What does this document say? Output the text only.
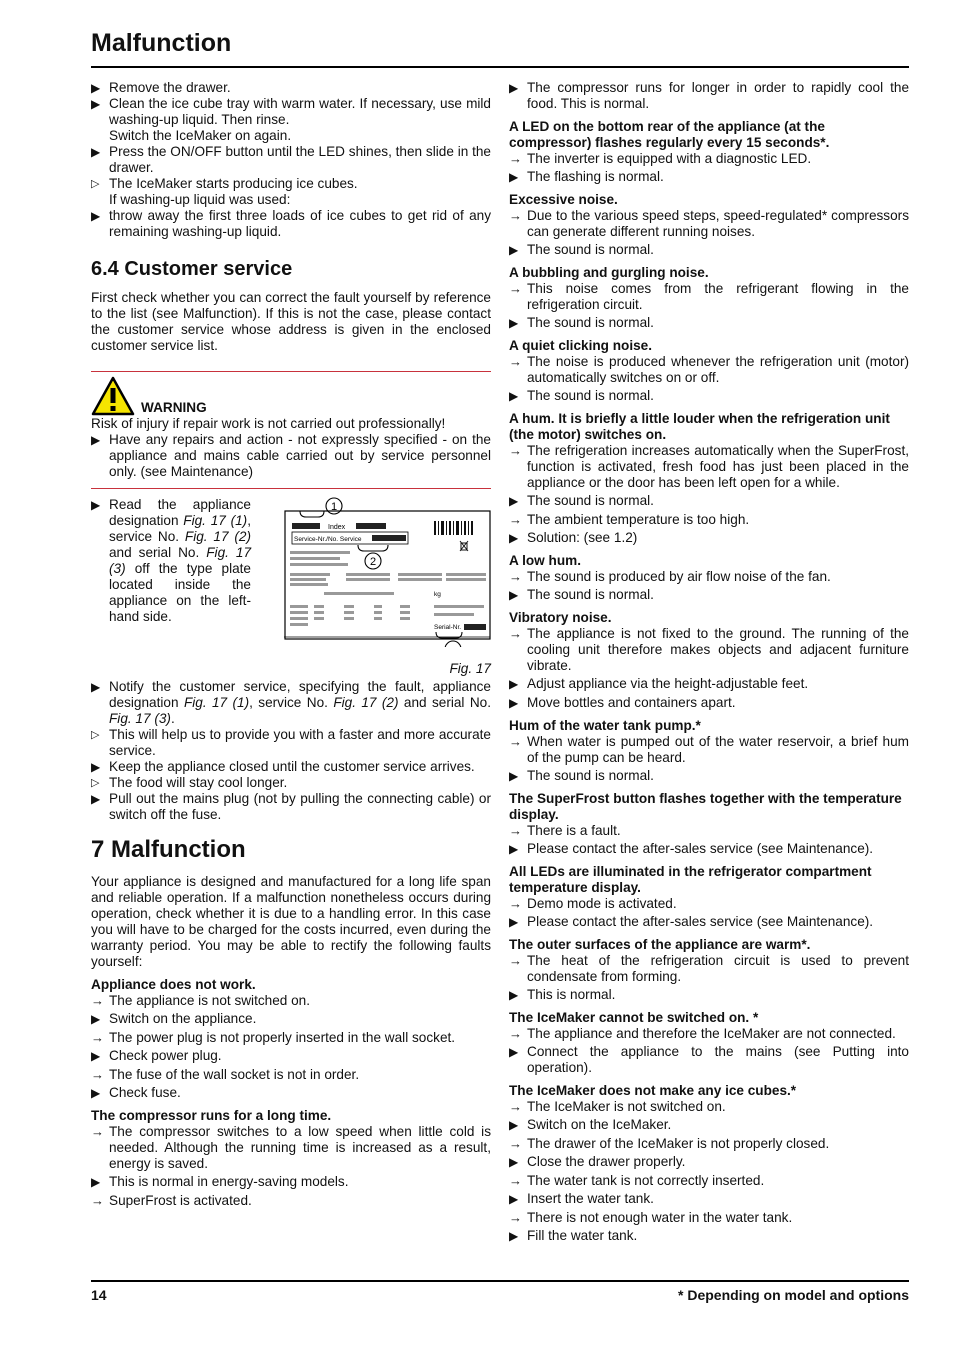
Malfunction
▶ Remove the drawer.
▶ Clean the ice cube tray with warm water. If necessary, use mild washing-up liquid. Then rinse.
Switch the IceMaker on again.
▶ Press the ON/OFF button until the LED shines, then slide in the drawer.
▷ The IceMaker starts producing ice cubes.
If washing-up liquid was used:
▶ throw away the first three loads of ice cubes to get rid of any remaining washing-up liquid.
6.4 Customer service
First check whether you can correct the fault yourself by reference to the list (see Malfunction). If this is not the case, please contact the customer service whose address is given in the enclosed customer service list.
WARNING
Risk of injury if repair work is not carried out professionally!
▶ Have any repairs and action - not expressly specified - on the appliance and mains cable carried out by service personnel only. (see Maintenance)
▶ Read the appliance designation Fig. 17 (1), service No. Fig. 17 (2) and serial No. Fig. 17 (3) off the type plate located inside the appliance on the left-hand side.
Index
Service-Nr./No. Service
kg
Serial-Nr.
1
2
Fig. 17
▶ Notify the customer service, specifying the fault, appliance designation Fig. 17 (1), service No. Fig. 17 (2) and serial No. Fig. 17 (3).
▷ This will help us to provide you with a faster and more accurate service.
▶ Keep the appliance closed until the customer service arrives.
▷ The food will stay cool longer.
▶ Pull out the mains plug (not by pulling the connecting cable) or switch off the fuse.
7 Malfunction
Your appliance is designed and manufactured for a long life span and reliable operation. If a malfunction nonetheless occurs during operation, check whether it is due to a handling error. In this case you will have to be charged for the costs incurred, even during the warranty period. You may be able to rectify the following faults yourself:
Appliance does not work.
→ The appliance is not switched on.
▶ Switch on the appliance.
→ The power plug is not properly inserted in the wall socket.
▶ Check power plug.
→ The fuse of the wall socket is not in order.
▶ Check fuse.
The compressor runs for a long time.
→ The compressor switches to a low speed when little cold is needed. Although the running time is increased as a result, energy is saved.
▶ This is normal in energy-saving models.
→ SuperFrost is activated.
▶ The compressor runs for longer in order to rapidly cool the food. This is normal.
A LED on the bottom rear of the appliance (at the compressor) flashes regularly every 15 seconds*.
→ The inverter is equipped with a diagnostic LED.
▶ The flashing is normal.
Excessive noise.
→ Due to the various speed steps, speed-regulated* compressors can generate different running noises.
▶ The sound is normal.
A bubbling and gurgling noise.
→ This noise comes from the refrigerant flowing in the refrigeration circuit.
▶ The sound is normal.
A quiet clicking noise.
→ The noise is produced whenever the refrigeration unit (motor) automatically switches on or off.
▶ The sound is normal.
A hum. It is briefly a little louder when the refrigeration unit (the motor) switches on.
→ The refrigeration increases automatically when the SuperFrost, function is activated, fresh food has just been placed in the appliance or the door has been left open for a while.
▶ The sound is normal.
→ The ambient temperature is too high.
▶ Solution: (see 1.2)
A low hum.
→ The sound is produced by air flow noise of the fan.
▶ The sound is normal.
Vibratory noise.
→ The appliance is not fixed to the ground. The running of the cooling unit therefore makes objects and adjacent furniture vibrate.
▶ Adjust appliance via the height-adjustable feet.
▶ Move bottles and containers apart.
Hum of the water tank pump.*
→ When water is pumped out of the water reservoir, a brief hum of the pump can be heard.
▶ The sound is normal.
The SuperFrost button flashes together with the temperature display.
→ There is a fault.
▶ Please contact the after-sales service (see Maintenance).
All LEDs are illuminated in the refrigerator compartment temperature display.
→ Demo mode is activated.
▶ Please contact the after-sales service (see Maintenance).
The outer surfaces of the appliance are warm*.
→ The heat of the refrigeration circuit is used to prevent condensate from forming.
▶ This is normal.
The IceMaker cannot be switched on. *
→ The appliance and therefore the IceMaker are not connected.
▶ Connect the appliance to the mains (see Putting into operation).
The IceMaker does not make any ice cubes.*
→ The IceMaker is not switched on.
▶ Switch on the IceMaker.
→ The drawer of the IceMaker is not properly closed.
▶ Close the drawer properly.
→ The water tank is not correctly inserted.
▶ Insert the water tank.
→ There is not enough water in the water tank.
▶ Fill the water tank.
14	* Depending on model and options
